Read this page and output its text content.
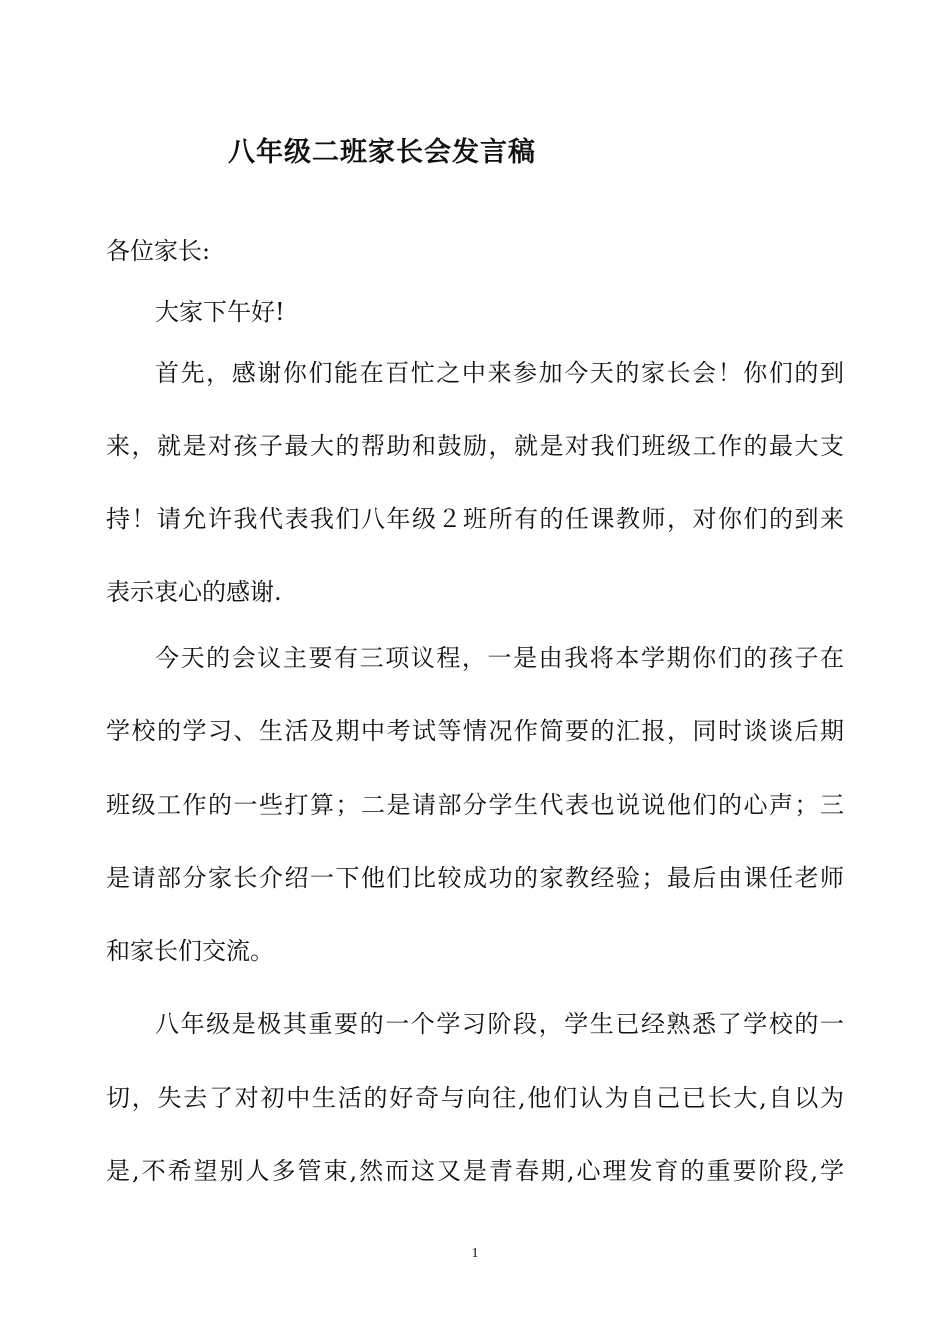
八年级二班家长会发言稿
各位家长:
大家下午好!
首先，感谢你们能在百忙之中来参加今天的家长会！你们的到
来，就是对孩子最大的帮助和鼓励，就是对我们班级工作的最大支
持！请允许我代表我们八年级２班所有的任课教师，对你们的到来
表示衷心的感谢.
今天的会议主要有三项议程，一是由我将本学期你们的孩子在
学校的学习、生活及期中考试等情况作简要的汇报，同时谈谈后期
班级工作的一些打算；二是请部分学生代表也说说他们的心声；三
是请部分家长介绍一下他们比较成功的家教经验；最后由课任老师
和家长们交流。
八年级是极其重要的一个学习阶段，学生已经熟悉了学校的一
切，失去了对初中生活的好奇与向往,他们认为自己已长大,自以为
是,不希望别人多管束,然而这又是青春期,心理发育的重要阶段,学
1
